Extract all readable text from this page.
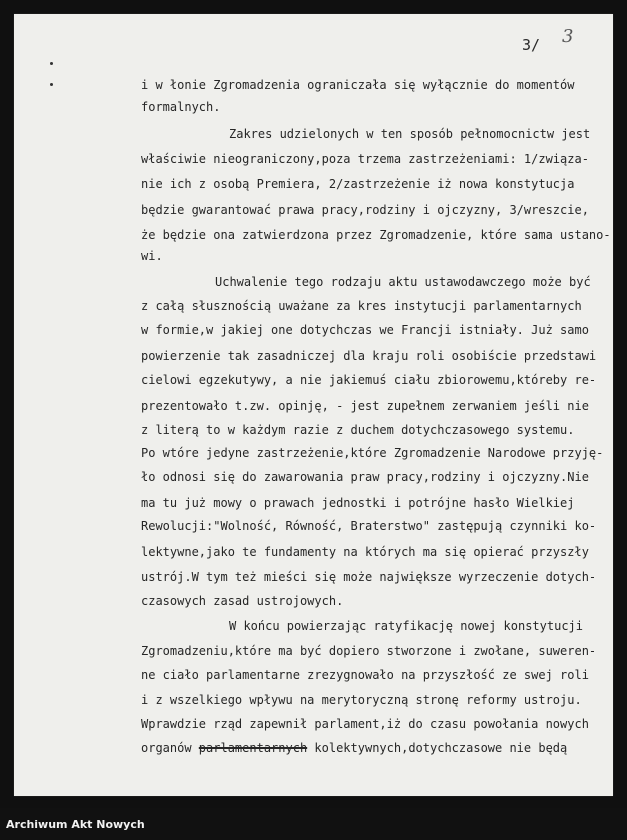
3/ 3
i w łonie Zgromadzenia ograniczała się wyłącznie do momentów
formalnych.
Zakres udzielonych w ten sposób pełnomocnictw jest
właściwie nieograniczony,poza trzema zastrzeżeniami: 1/związa-
nie ich z osobą Premiera, 2/zastrzeżenie iż nowa konstytucja
będzie gwarantować prawa pracy,rodziny i ojczyzny, 3/wreszcie,
że będzie ona zatwierdzona przez Zgromadzenie, które sama ustano-
wi.
Uchwalenie tego rodzaju aktu ustawodawczego może być
z całą słusznością uważane za kres instytucji parlamentarnych
w formie,w jakiej one dotychczas we Francji istniały. Już samo
powierzenie tak zasadniczej dla kraju roli osobiście przedstawi
cielowi egzekutywy, a nie jakiemuś ciału zbiorowemu,któreby re-
prezentowało t.zw. opinję, - jest zupełnem zerwaniem jeśli nie
z literą to w każdym razie z duchem dotychczasowego systemu.
Po wtóre jedyne zastrzeżenie,które Zgromadzenie Narodowe przyję-
ło odnosi się do zawarowania praw pracy,rodziny i ojczyzny.Nie
ma tu już mowy o prawach jednostki i potrójne hasło Wielkiej
Rewolucji:"Wolność, Równość, Braterstwo" zastępują czynniki ko-
lektywne,jako te fundamenty na których ma się opierać przyszły
ustrój.W tym też mieści się może największe wyrzeczenie dotych-
czasowych zasad ustrojowych.
W końcu powierzając ratyfikację nowej konstytucji
Zgromadzeniu,które ma być dopiero stworzone i zwołane, suweren-
ne ciało parlamentarne zrezygnowało na przyszłość ze swej roli
i z wszelkiego wpływu na merytoryczną stronę reformy ustroju.
Wprawdzie rząd zapewnił parlament,iż do czasu powołania nowych
organów parlamentarnych kolektywnych,dotychczasowe nie będą
Archiwum Akt Nowych
